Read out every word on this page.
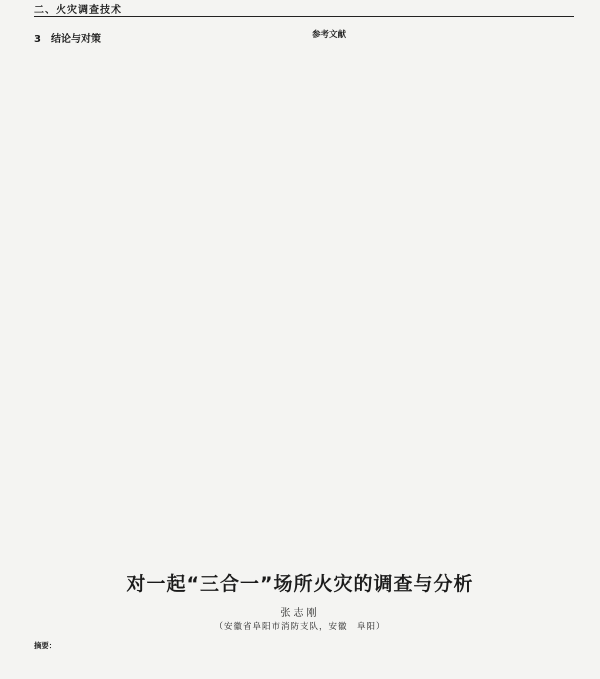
二、火灾调查技术
3　结论与对策	参考文献
对一起“三合一”场所火灾的调查与分析
张志刚
（安徽省阜阳市消防支队，安徽　阜阳）
摘要：
